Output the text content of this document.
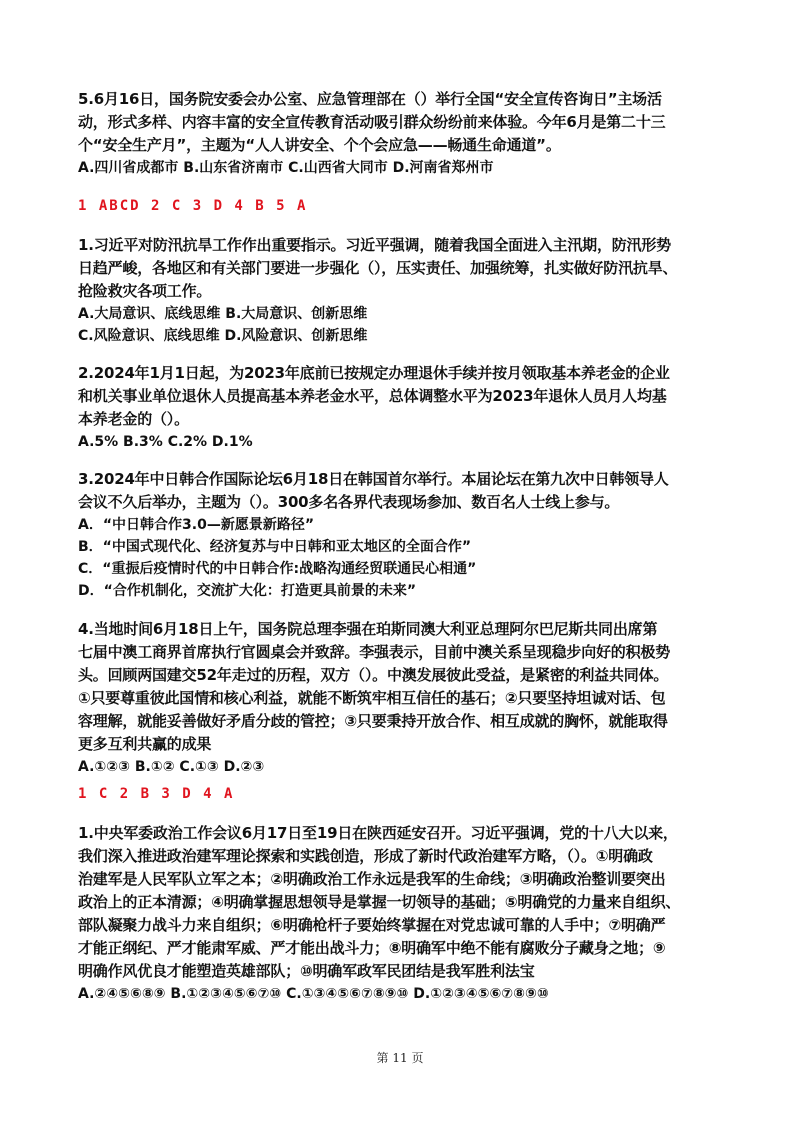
5.6月16日，国务院安委会办公室、应急管理部在（）举行全国“安全宣传咨询日”主场活
动，形式多样、内容丰富的安全宣传教育活动吸引群众纷纷前来体验。今年6月是第二十三
个“安全生产月”，主题为“人人讲安全、个个会应急——畅通生命通道”。
A.四川省成都市 B.山东省济南市 C.山西省大同市 D.河南省郑州市
1 ABCD 2 C 3 D 4 B 5 A
1.习近平对防汛抗旱工作作出重要指示。习近平强调，随着我国全面进入主汛期，防汛形势
日趋严峻，各地区和有关部门要进一步强化（），压实责任、加强统筹，扎实做好防汛抗旱、
抢险救灾各项工作。
A.大局意识、底线思维 B.大局意识、创新思维
C.风险意识、底线思维 D.风险意识、创新思维
2.2024年1月1日起，为2023年底前已按规定办理退休手续并按月领取基本养老金的企业
和机关事业单位退休人员提高基本养老金水平，总体调整水平为2023年退休人员月人均基
本养老金的（）。
A.5% B.3% C.2% D.1%
3.2024年中日韩合作国际论坛6月18日在韩国首尔举行。本届论坛在第九次中日韩领导人
会议不久后举办，主题为（）。300多名各界代表现场参加、数百名人士线上参与。
A．“中日韩合作3.0—新愿景新路径”
B．“中国式现代化、经济复苏与中日韩和亚太地区的全面合作”
C．“重振后疫情时代的中日韩合作:战略沟通经贸联通民心相通”
D．“合作机制化，交流扩大化：打造更具前景的未来”
4.当地时间6月18日上午，国务院总理李强在珀斯同澳大利亚总理阿尔巴尼斯共同出席第
七届中澳工商界首席执行官圆桌会并致辞。李强表示，目前中澳关系呈现稳步向好的积极势
头。回顾两国建交52年走过的历程，双方（）。中澳发展彼此受益，是紧密的利益共同体。
①只要尊重彼此国情和核心利益，就能不断筑牢相互信任的基石；②只要坚持坦诚对话、包
容理解，就能妥善做好矛盾分歧的管控；③只要秉持开放合作、相互成就的胸怀，就能取得
更多互利共赢的成果
A.①②③ B.①② C.①③ D.②③
1 C 2 B 3 D 4 A
1.中央军委政治工作会议6月17日至19日在陕西延安召开。习近平强调，党的十八大以来，
我们深入推进政治建军理论探索和实践创造，形成了新时代政治建军方略，（）。①明确政
治建军是人民军队立军之本；②明确政治工作永远是我军的生命线；③明确政治整训要突出
政治上的正本清源；④明确掌握思想领导是掌握一切领导的基础；⑤明确党的力量来自组织、
部队凝聚力战斗力来自组织；⑥明确枪杆子要始终掌握在对党忠诚可靠的人手中；⑦明确严
才能正纲纪、严才能肃军威、严才能出战斗力；⑧明确军中绝不能有腐败分子藏身之地；⑨
明确作风优良才能塑造英雄部队；⑩明确军政军民团结是我军胜利法宝
A.②④⑤⑥⑧⑨ B.①②③④⑤⑥⑦⑩ C.①③④⑤⑥⑦⑧⑨⑩ D.①②③④⑤⑥⑦⑧⑨⑩
第 11 页
